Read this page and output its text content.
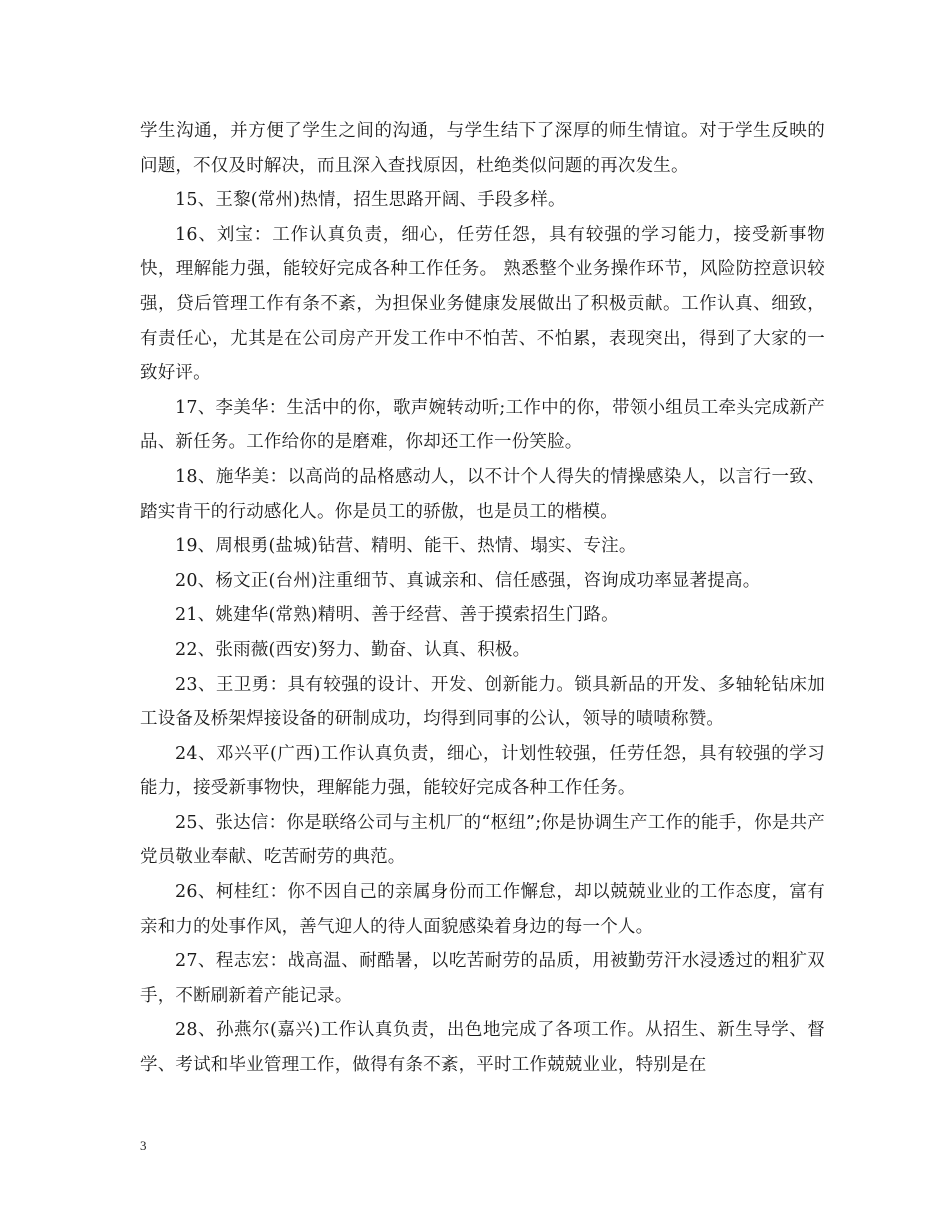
学生沟通，并方便了学生之间的沟通，与学生结下了深厚的师生情谊。对于学生反映的问题，不仅及时解决，而且深入查找原因，杜绝类似问题的再次发生。

15、王黎(常州)热情，招生思路开阔、手段多样。

16、刘宝：工作认真负责，细心，任劳任怨，具有较强的学习能力，接受新事物快，理解能力强，能较好完成各种工作任务。 熟悉整个业务操作环节，风险防控意识较强，贷后管理工作有条不紊，为担保业务健康发展做出了积极贡献。工作认真、细致，有责任心，尤其是在公司房产开发工作中不怕苦、不怕累，表现突出，得到了大家的一致好评。

17、李美华：生活中的你，歌声婉转动听;工作中的你，带领小组员工牵头完成新产品、新任务。工作给你的是磨难，你却还工作一份笑脸。

18、施华美：以高尚的品格感动人，以不计个人得失的情操感染人，以言行一致、踏实肯干的行动感化人。你是员工的骄傲，也是员工的楷模。

19、周根勇(盐城)钻营、精明、能干、热情、塌实、专注。

20、杨文正(台州)注重细节、真诚亲和、信任感强，咨询成功率显著提高。

21、姚建华(常熟)精明、善于经营、善于摸索招生门路。

22、张雨薇(西安)努力、勤奋、认真、积极。

23、王卫勇：具有较强的设计、开发、创新能力。锁具新品的开发、多轴轮钻床加工设备及桥架焊接设备的研制成功，均得到同事的公认，领导的啧啧称赞。

24、邓兴平(广西)工作认真负责，细心，计划性较强，任劳任怨，具有较强的学习能力，接受新事物快，理解能力强，能较好完成各种工作任务。

25、张达信：你是联络公司与主机厂的“枢纽”;你是协调生产工作的能手，你是共产党员敬业奉献、吃苦耐劳的典范。

26、柯桂红：你不因自己的亲属身份而工作懈怠，却以兢兢业业的工作态度，富有亲和力的处事作风，善气迎人的待人面貌感染着身边的每一个人。

27、程志宏：战高温、耐酷暑，以吃苦耐劳的品质，用被勤劳汗水浸透过的粗犷双手，不断刷新着产能记录。

28、孙燕尔(嘉兴)工作认真负责，出色地完成了各项工作。从招生、新生导学、督学、考试和毕业管理工作，做得有条不紊，平时工作兢兢业业，特别是在

3
